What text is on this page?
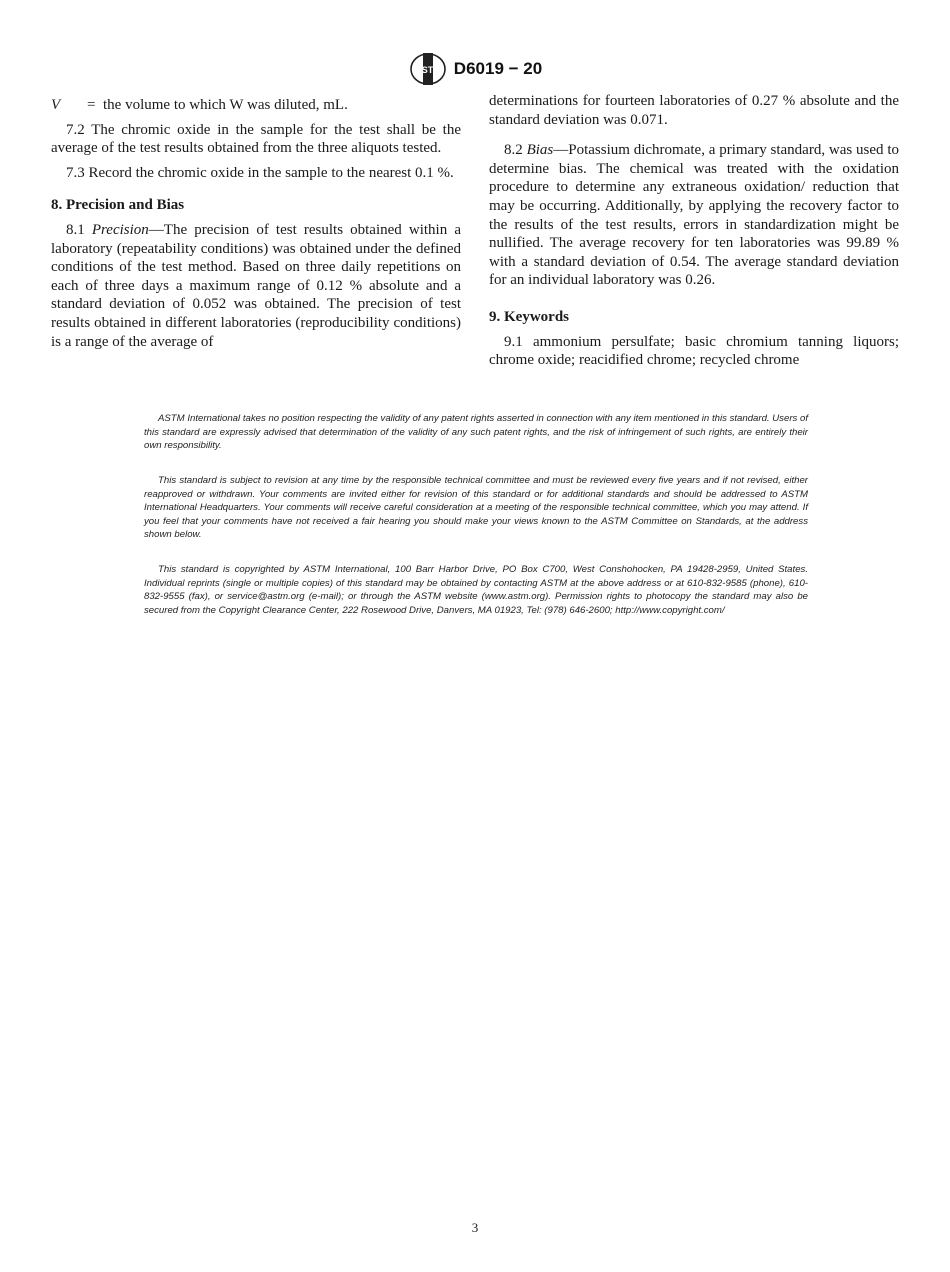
ASTM D6019 − 20
V	= the volume to which W was diluted, mL.

7.2 The chromic oxide in the sample for the test shall be the average of the test results obtained from the three aliquots tested.

7.3 Record the chromic oxide in the sample to the nearest 0.1 %.

8. Precision and Bias

8.1 Precision—The precision of test results obtained within a laboratory (repeatability conditions) was obtained under the defined conditions of the test method. Based on three daily repetitions on each of three days a maximum range of 0.12 % absolute and a standard deviation of 0.052 was obtained. The precision of test results obtained in different laboratories (reproducibility conditions) is a range of the average of

determinations for fourteen laboratories of 0.27 % absolute and the standard deviation was 0.071.

8.2 Bias—Potassium dichromate, a primary standard, was used to determine bias. The chemical was treated with the oxidation procedure to determine any extraneous oxidation/ reduction that may be occurring. Additionally, by applying the recovery factor to the results of the test results, errors in standardization might be nullified. The average recovery for ten laboratories was 99.89 % with a standard deviation of 0.54. The average standard deviation for an individual laboratory was 0.26.

9. Keywords

9.1 ammonium persulfate; basic chromium tanning liquors; chrome oxide; reacidified chrome; recycled chrome

ASTM International takes no position respecting the validity of any patent rights asserted in connection with any item mentioned in this standard. Users of this standard are expressly advised that determination of the validity of any such patent rights, and the risk of infringement of such rights, are entirely their own responsibility.

This standard is subject to revision at any time by the responsible technical committee and must be reviewed every five years and if not revised, either reapproved or withdrawn. Your comments are invited either for revision of this standard or for additional standards and should be addressed to ASTM International Headquarters. Your comments will receive careful consideration at a meeting of the responsible technical committee, which you may attend. If you feel that your comments have not received a fair hearing you should make your views known to the ASTM Committee on Standards, at the address shown below.

This standard is copyrighted by ASTM International, 100 Barr Harbor Drive, PO Box C700, West Conshohocken, PA 19428-2959, United States. Individual reprints (single or multiple copies) of this standard may be obtained by contacting ASTM at the above address or at 610-832-9585 (phone), 610-832-9555 (fax), or service@astm.org (e-mail); or through the ASTM website (www.astm.org). Permission rights to photocopy the standard may also be secured from the Copyright Clearance Center, 222 Rosewood Drive, Danvers, MA 01923, Tel: (978) 646-2600; http://www.copyright.com/

3
